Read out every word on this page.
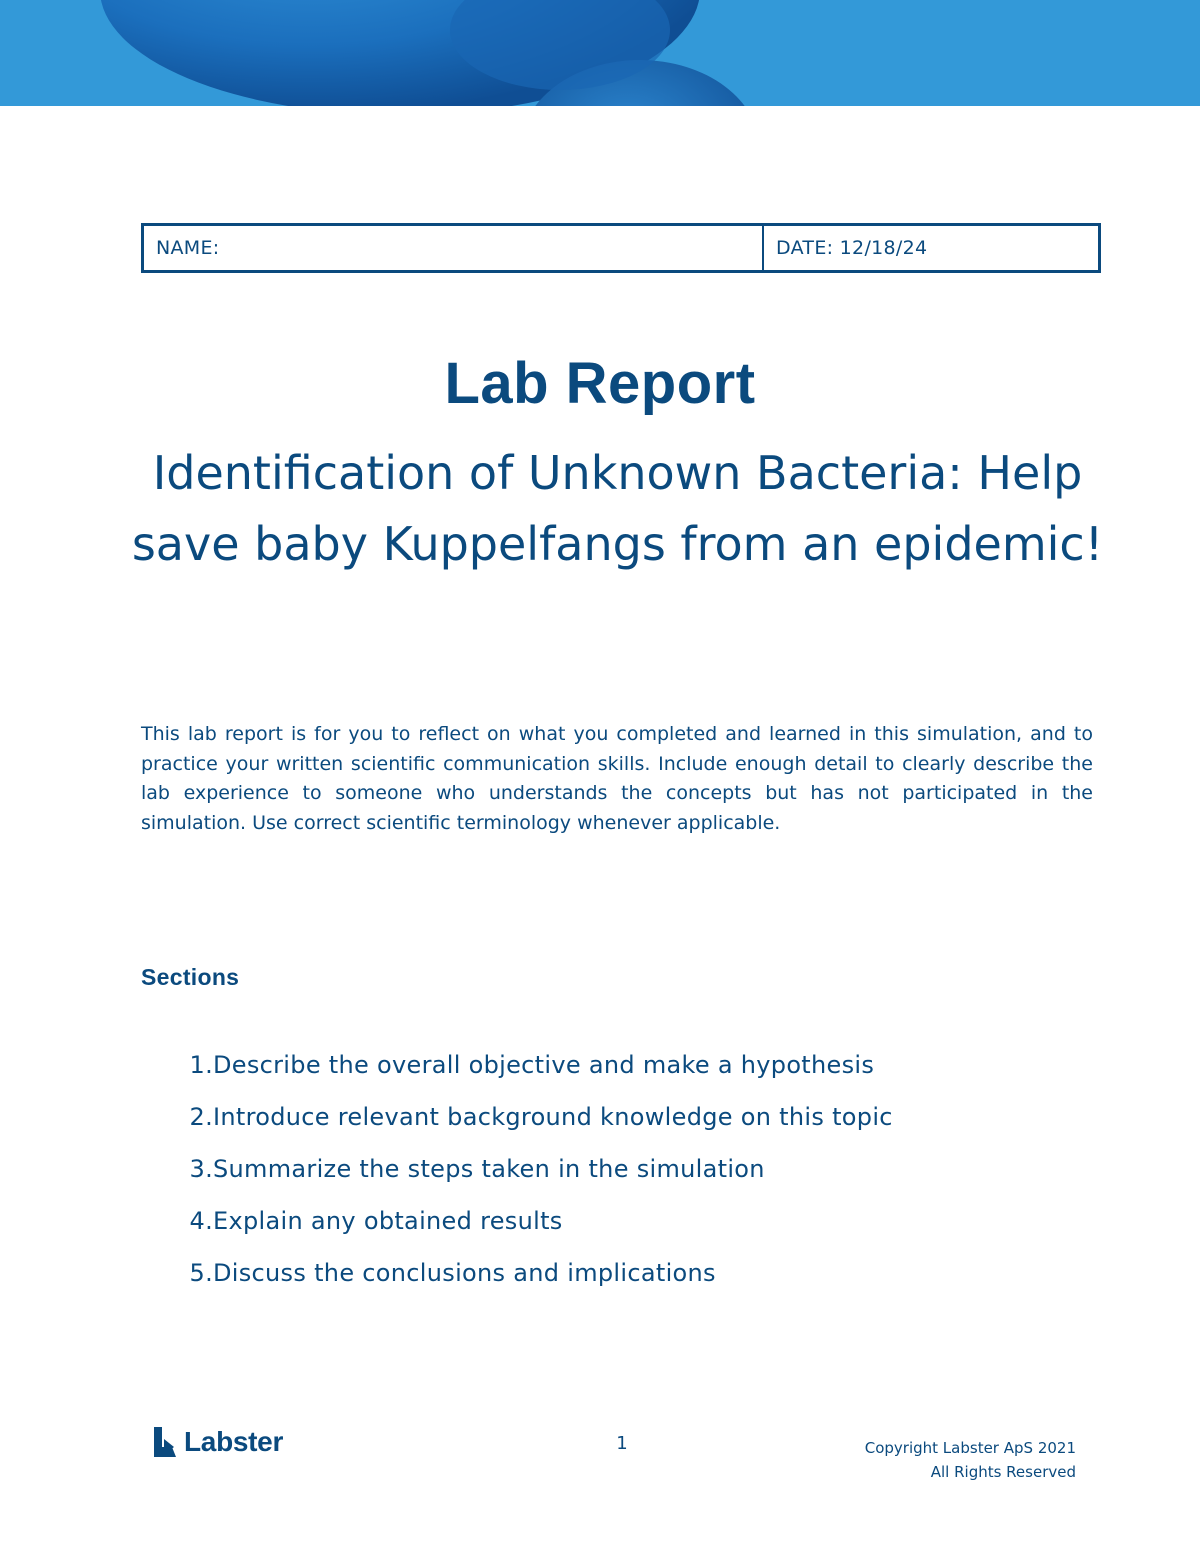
NAME:	DATE: 12/18/24
Lab Report
Identification of Unknown Bacteria: Help save baby Kuppelfangs from an epidemic!

This lab report is for you to reflect on what you completed and learned in this simulation, and to practice your written scientific communication skills. Include enough detail to clearly describe the lab experience to someone who understands the concepts but has not participated in the simulation. Use correct scientific terminology whenever applicable.

Sections
1. Describe the overall objective and make a hypothesis
2. Introduce relevant background knowledge on this topic
3. Summarize the steps taken in the simulation
4. Explain any obtained results
5. Discuss the conclusions and implications
Labster	1	Copyright Labster ApS 2021
All Rights Reserved
